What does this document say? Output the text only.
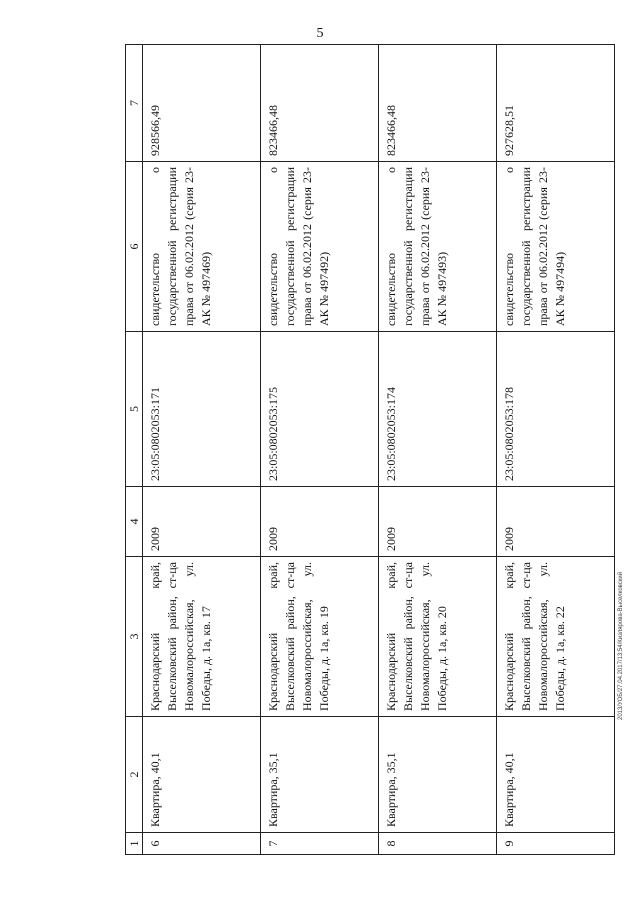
5
2013/УОБ/27.04.2017/13:54/Кизлярова-Выселковский
1	2	3	4	5	6	7
6	Квартира, 40,1	Краснодарский край, Выселковский район, ст-ца Новомалороссийская, ул. Победы, д. 1а, кв. 17	2009	23:05:0802053:171	свидетельство о государственной регистрации права от 06.02.2012 (серия 23-АК № 497469)	928566,49
7	Квартира, 35,1	Краснодарский край, Выселковский район, ст-ца Новомалороссийская, ул. Победы, д. 1а, кв. 19	2009	23:05:0802053:175	свидетельство о государственной регистрации права от 06.02.2012 (серия 23-АК № 497492)	823466,48
8	Квартира, 35,1	Краснодарский край, Выселковский район, ст-ца Новомалороссийская, ул. Победы, д. 1а, кв. 20	2009	23:05:0802053:174	свидетельство о государственной регистрации права от 06.02.2012 (серия 23-АК № 497493)	823466,48
9	Квартира, 40,1	Краснодарский край, Выселковский район, ст-ца Новомалороссийская, ул. Победы, д. 1а, кв. 22	2009	23:05:0802053:178	свидетельство о государственной регистрации права от 06.02.2012 (серия 23-АК № 497494)	927628,51
